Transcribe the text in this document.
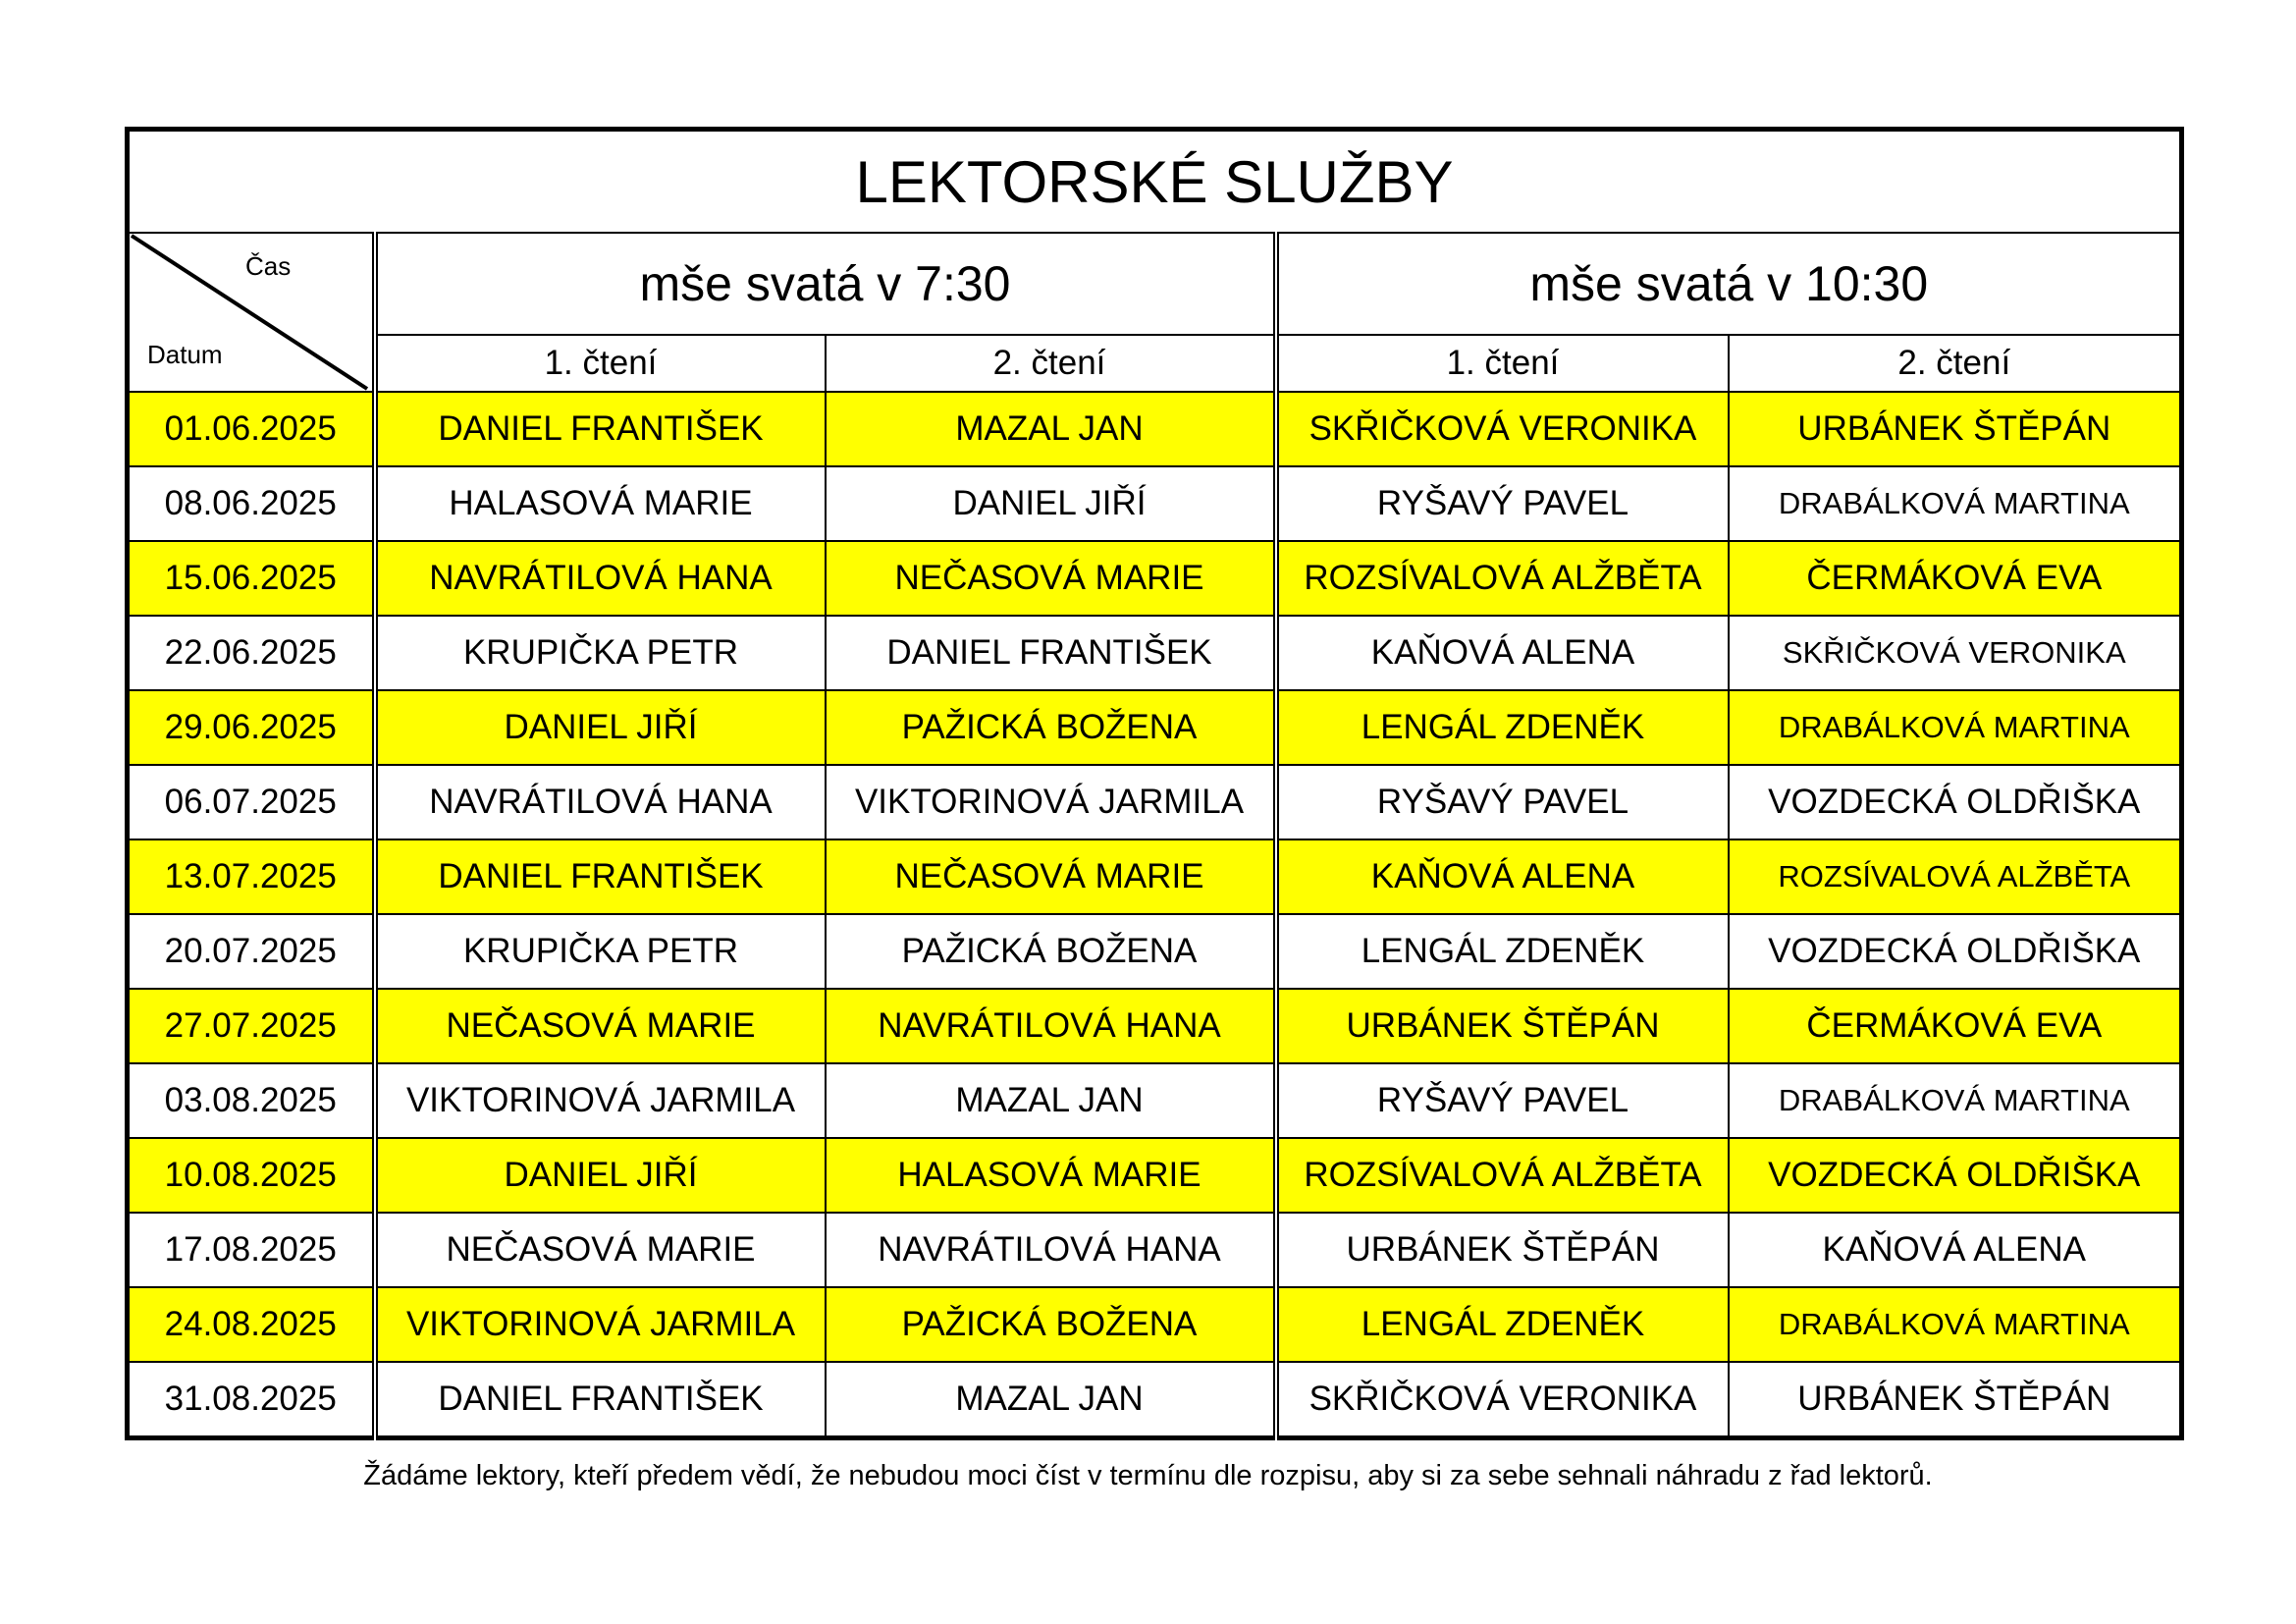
LEKTORSKÉ SLUŽBY				

Čas
Datum	mše svatá v 7:30		mše svatá v 10:30	
	1. čtení	2. čtení	1. čtení	2. čtení
01.06.2025	DANIEL FRANTIŠEK	MAZAL JAN	SKŘIČKOVÁ VERONIKA	URBÁNEK ŠTĚPÁN
08.06.2025	HALASOVÁ MARIE	DANIEL JIŘÍ	RYŠAVÝ PAVEL	DRABÁLKOVÁ MARTINA
15.06.2025	NAVRÁTILOVÁ HANA	NEČASOVÁ MARIE	ROZSÍVALOVÁ ALŽBĚTA	ČERMÁKOVÁ EVA
22.06.2025	KRUPIČKA PETR	DANIEL FRANTIŠEK	KAŇOVÁ ALENA	SKŘIČKOVÁ VERONIKA
29.06.2025	DANIEL JIŘÍ	PAŽICKÁ BOŽENA	LENGÁL ZDENĚK	DRABÁLKOVÁ MARTINA
06.07.2025	NAVRÁTILOVÁ HANA	VIKTORINOVÁ JARMILA	RYŠAVÝ PAVEL	VOZDECKÁ OLDŘIŠKA
13.07.2025	DANIEL FRANTIŠEK	NEČASOVÁ MARIE	KAŇOVÁ ALENA	ROZSÍVALOVÁ ALŽBĚTA
20.07.2025	KRUPIČKA PETR	PAŽICKÁ BOŽENA	LENGÁL ZDENĚK	VOZDECKÁ OLDŘIŠKA
27.07.2025	NEČASOVÁ MARIE	NAVRÁTILOVÁ HANA	URBÁNEK ŠTĚPÁN	ČERMÁKOVÁ EVA
03.08.2025	VIKTORINOVÁ JARMILA	MAZAL JAN	RYŠAVÝ PAVEL	DRABÁLKOVÁ MARTINA
10.08.2025	DANIEL JIŘÍ	HALASOVÁ MARIE	ROZSÍVALOVÁ ALŽBĚTA	VOZDECKÁ OLDŘIŠKA
17.08.2025	NEČASOVÁ MARIE	NAVRÁTILOVÁ HANA	URBÁNEK ŠTĚPÁN	KAŇOVÁ ALENA
24.08.2025	VIKTORINOVÁ JARMILA	PAŽICKÁ BOŽENA	LENGÁL ZDENĚK	DRABÁLKOVÁ MARTINA
31.08.2025	DANIEL FRANTIŠEK	MAZAL JAN	SKŘIČKOVÁ VERONIKA	URBÁNEK ŠTĚPÁN
Žádáme lektory, kteří předem vědí, že nebudou moci číst v termínu dle rozpisu, aby si za sebe sehnali náhradu z řad lektorů.
